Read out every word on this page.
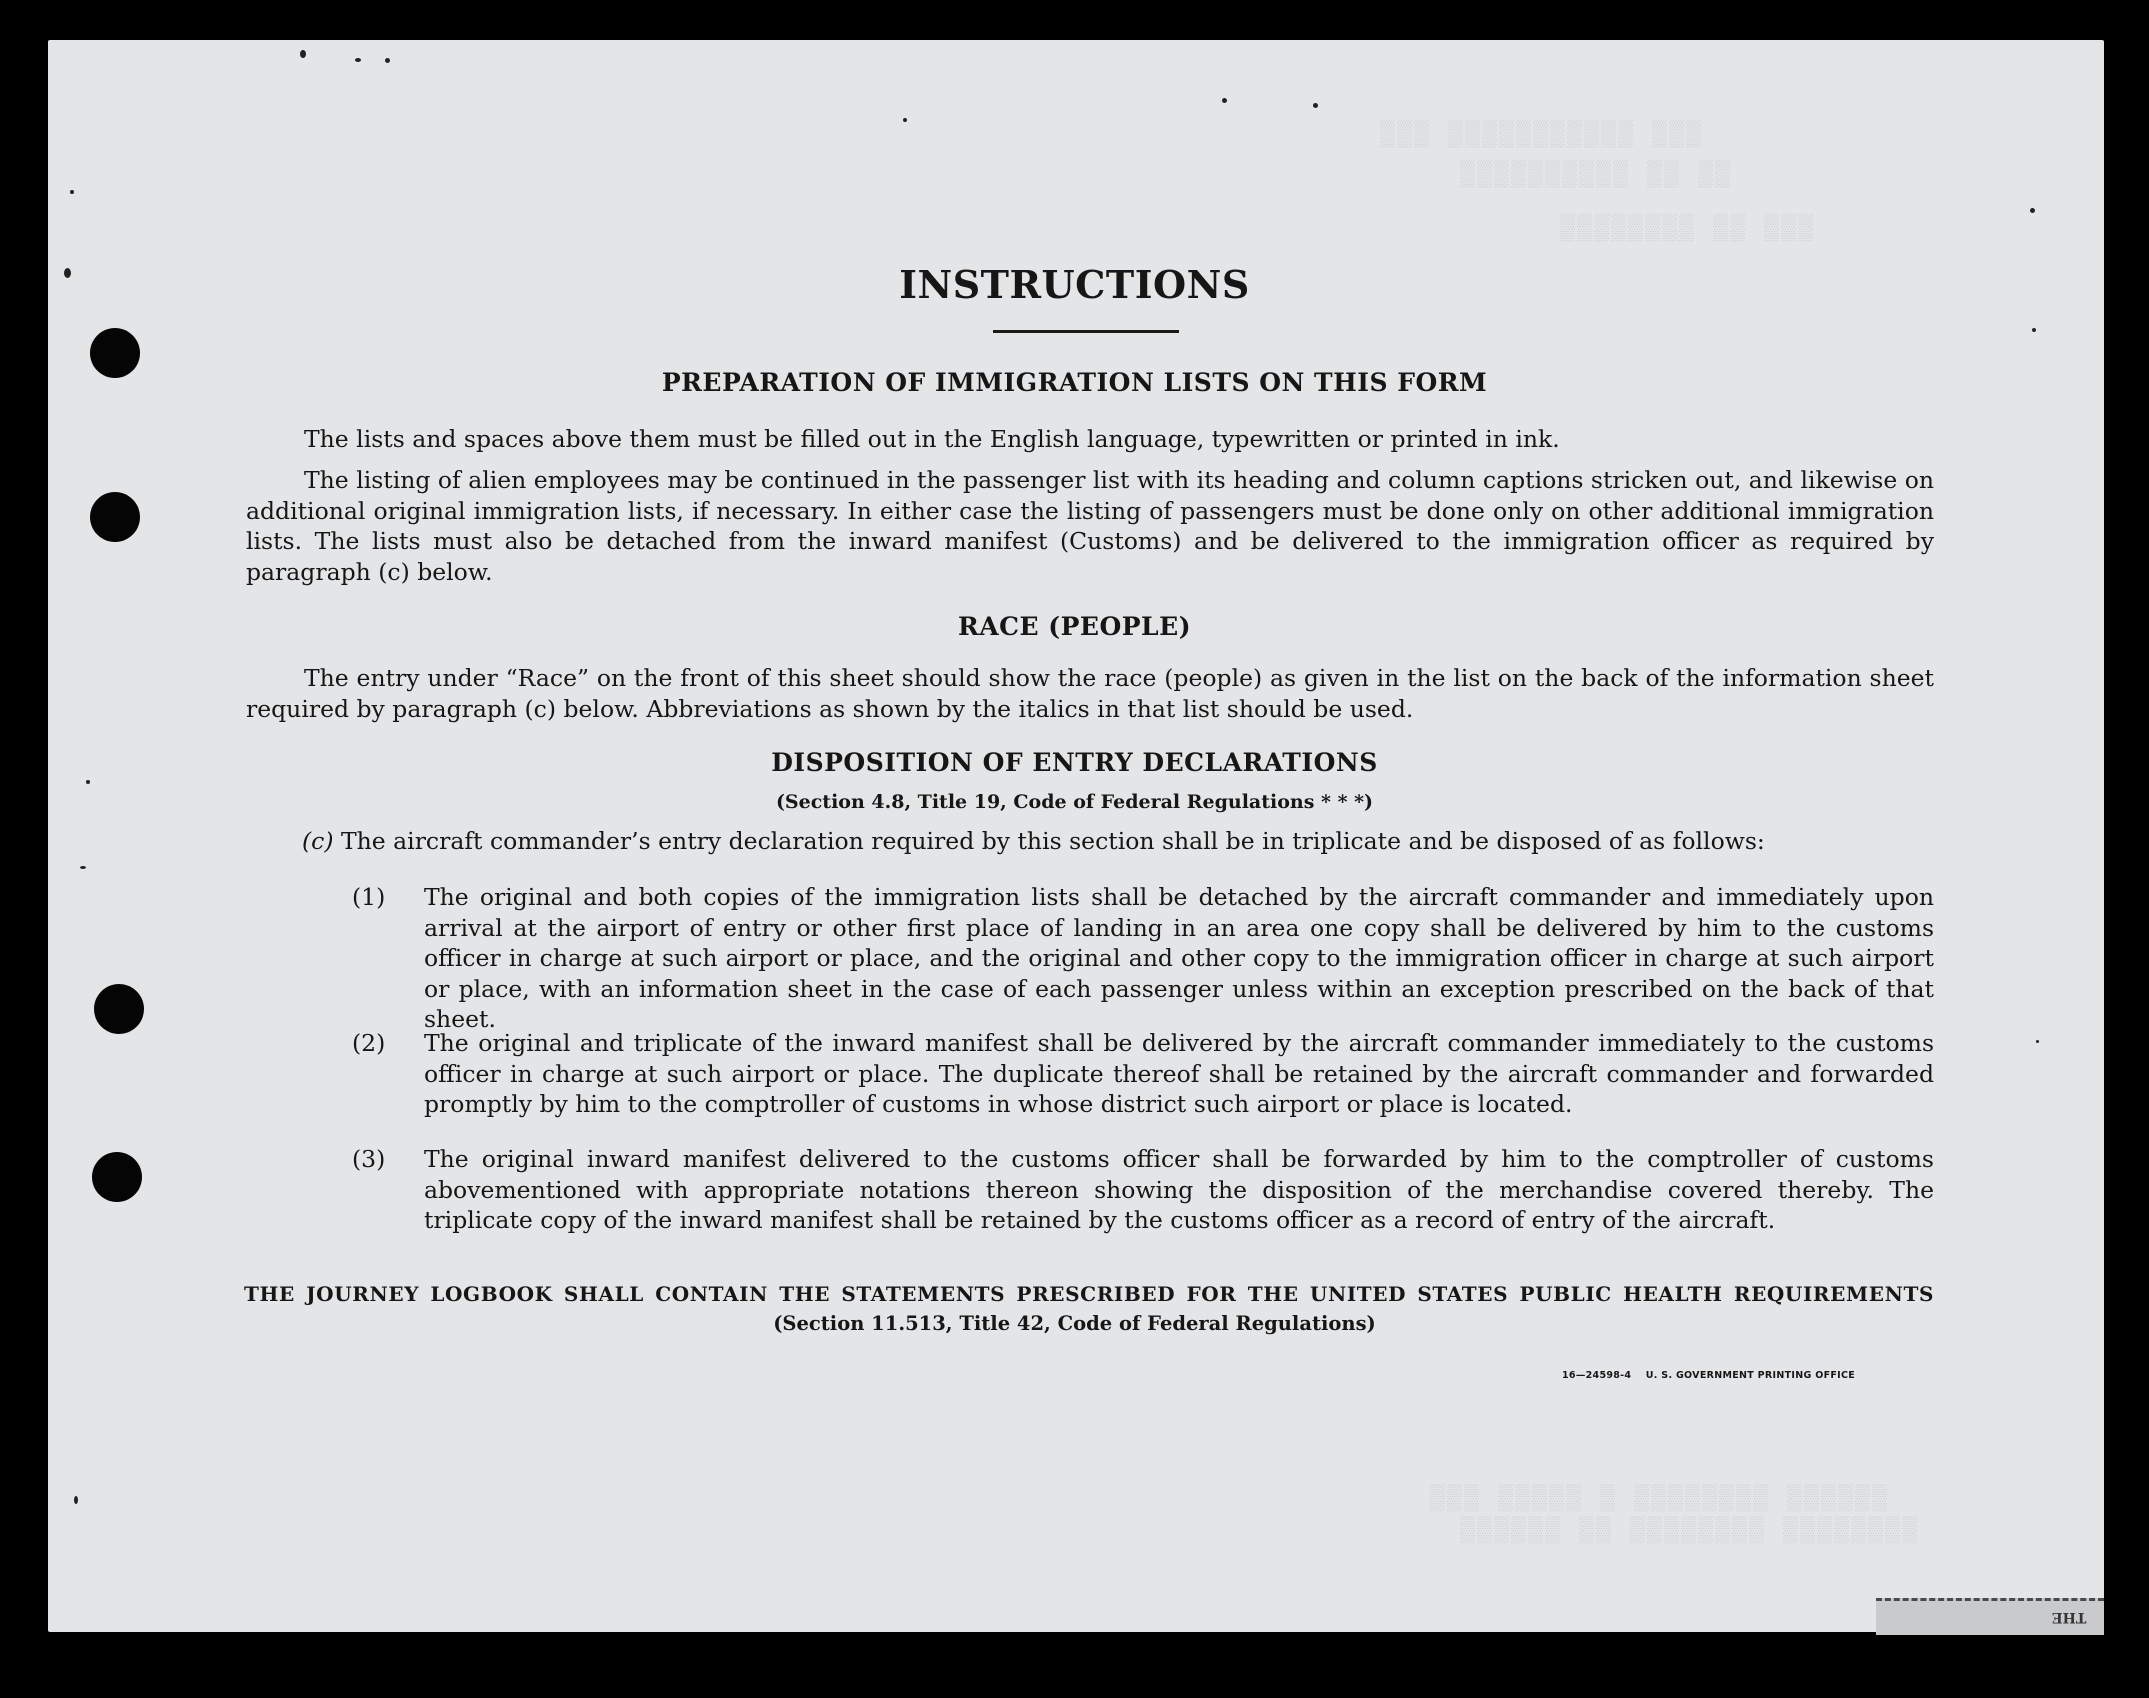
▒▒▒ ▒▒▒▒▒▒▒▒▒▒▒ ▒▒▒
▒▒▒▒▒▒▒▒▒▒ ▒▒ ▒▒
▒▒▒▒▒▒▒▒ ▒▒ ▒▒▒
▒▒▒ ▒▒▒▒▒ ▒ ▒▒▒▒▒▒▒▒ ▒▒▒▒▒▒
▒▒▒▒▒▒ ▒▒ ▒▒▒▒▒▒▒▒ ▒▒▒▒▒▒▒▒
INSTRUCTIONS
PREPARATION OF IMMIGRATION LISTS ON THIS FORM
The lists and spaces above them must be filled out in the English language, typewritten or printed in ink.
The listing of alien employees may be continued in the passenger list with its heading and column captions stricken out, and likewise on additional original immigration lists, if necessary. In either case the listing of passengers must be done only on other additional immigration lists. The lists must also be detached from the inward manifest (Customs) and be delivered to the immigration officer as required by paragraph (c) below.
RACE (PEOPLE)
The entry under “Race” on the front of this sheet should show the race (people) as given in the list on the back of the information sheet required by paragraph (c) below. Abbreviations as shown by the italics in that list should be used.
DISPOSITION OF ENTRY DECLARATIONS
(Section 4.8, Title 19, Code of Federal Regulations * * *)
(c) The aircraft commander’s entry declaration required by this section shall be in triplicate and be disposed of as follows:
(1) The original and both copies of the immigration lists shall be detached by the aircraft commander and immediately upon arrival at the airport of entry or other first place of landing in an area one copy shall be delivered by him to the customs officer in charge at such airport or place, and the original and other copy to the immigration officer in charge at such airport or place, with an information sheet in the case of each passenger unless within an exception prescribed on the back of that sheet.
(2) The original and triplicate of the inward manifest shall be delivered by the aircraft commander immediately to the customs officer in charge at such airport or place. The duplicate thereof shall be retained by the aircraft commander and forwarded promptly by him to the comptroller of customs in whose district such airport or place is located.
(3) The original inward manifest delivered to the customs officer shall be forwarded by him to the comptroller of customs abovementioned with appropriate notations thereon showing the disposition of the merchandise covered thereby. The triplicate copy of the inward manifest shall be retained by the customs officer as a record of entry of the aircraft.
THE JOURNEY LOGBOOK SHALL CONTAIN THE STATEMENTS PRESCRIBED FOR THE UNITED STATES PUBLIC HEALTH REQUIREMENTS
(Section 11.513, Title 42, Code of Federal Regulations)
16—24598-4 U. S. GOVERNMENT PRINTING OFFICE
THE
